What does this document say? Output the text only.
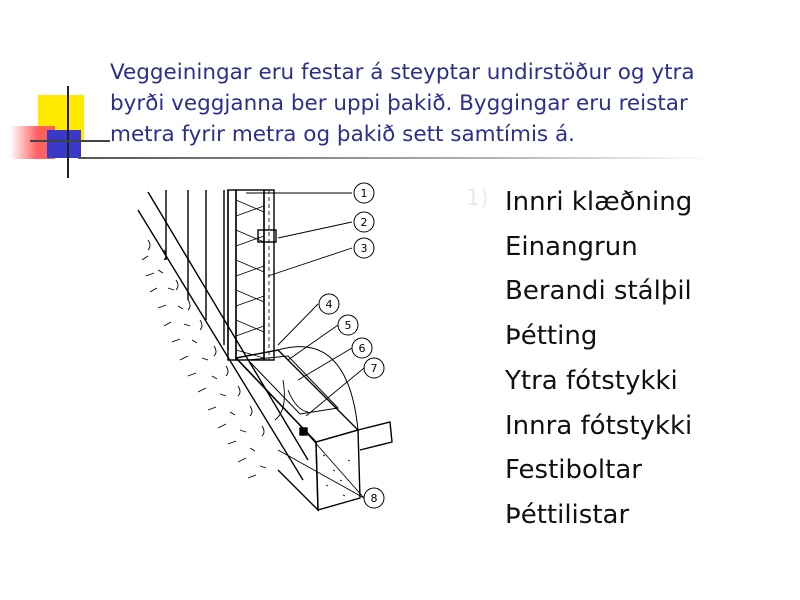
Veggeiningar eru festar á steyptar undirstöður og ytra
byrði veggjanna ber uppi þakið. Byggingar eru reistar
metra fyrir metra og þakið sett samtímis á.
1
2
3
4
5
6
7
8
1) Innri klæðning
Einangrun
Berandi stálþil
Þétting
Ytra fótstykki
Innra fótstykki
Festiboltar
Þéttilistar
